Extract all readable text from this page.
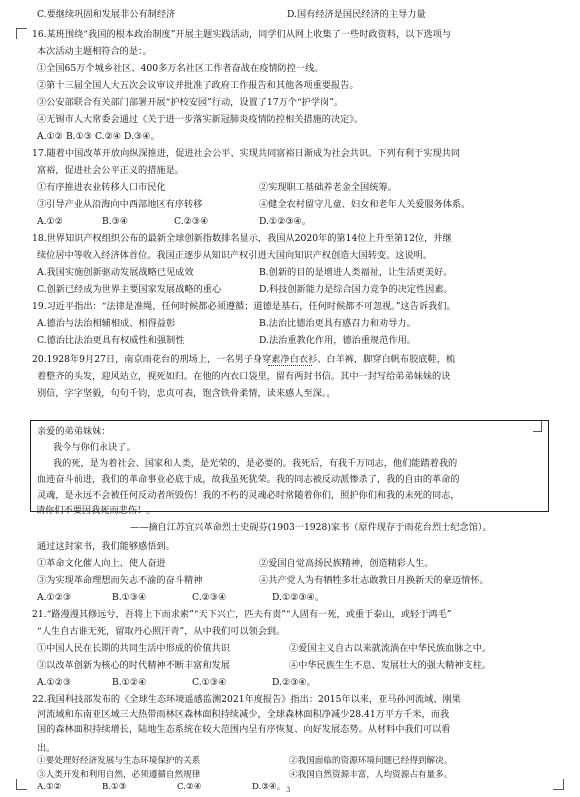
C.要继续巩固和发展非公有制经济	D.国有经济是国民经济的主导力量
16.某班围绕“我国的根本政治制度”开展主题实践活动，同学们从网上收集了一些时政资料，以下选项与
本次活动主题相符合的是：。
①全国65万个城乡社区、400多万名社区工作者奋战在疫情防控一线。
②第十三届全国人大五次会议审议并批准了政府工作报告和其他各项重要报告。
③公安部联合有关部门部署开展“护校安园”行动，设置了17万个“护学岗”。
④无锡市人大常委会通过《关于进一步落实新冠肺炎疫情防控相关措施的决定》。
A.①② B.①③ C.②④ D.③④。
17.随着中国改革开放向纵深推进，促进社会公平、实现共同富裕日渐成为社会共识。下列有利于实现共同
富裕，促进社会公平正义的措施是。
①有序推进农业转移人口市民化	②实现职工基础养老金全国统筹。
③引导产业从沿海向中西部地区有序转移	④健全农村留守儿童、妇女和老年人关爱服务体系。
A.①②	B.③④	C.②③④	D.①②③④。
18.世界知识产权组织公布的最新全球创新指数排名显示，我国从2020年的第14位上升至第12位，并继
续位居中等收入经济体首位。我国正逐步从知识产权引进大国向知识产权创造大国转变。这说明。
A.我国实施创新驱动发展战略已见成效	B.创新的目的是增进人类福祉，让生活更美好。
C.创新已经成为世界主要国家发展战略的重心	D.科技创新能力是综合国力竞争的决定性因素。
19.习近平指出：“法律是准绳，任何时候都必须遵循；道德是基石，任何时候都不可忽视。”这告诉我们。
A.德治与法治相辅相成、相得益彰	B.法治比德治更具有感召力和劝导力。
C.德治比法治更具有权威性和强制性	D.法治重教化作用，德治重规范作用。
20.1928年9月27日，南京雨花台的刑场上，一名男子身穿素净白衣衫、白羊裤，脚穿白帆布胶底鞋，梳
着整齐的头发，迎风站立，视死如归。在他的内衣口袋里，留有两封书信。其中一封写给弟弟妹妹的诀
别信，字字坚毅，句句千钧，忠贞可表，饱含铁骨柔情，读来感人至深。。
亲爱的弟弟妹妹：
我今与你们永诀了。
我的死，是为着社会、国家和人类，是光荣的，是必要的。我死后，有我千万同志，他们能踏着我的
血迹奋斗前进，我们的革命事业必底于成，故我虽死犹荣。我的同志被反动派惨杀了，我的自由的革命的
灵魂，是永远不会被任何反动者所毁伤！我的不朽的灵魂必时常随着你们，照护你们和我的未死的同志，
请你们不要因我死而悲伤！。
——摘自江苏宜兴革命烈士史砚芬(1903一1928)家书（原件现存于雨花台烈士纪念馆）。
通过这封家书，我们能够感悟到。
①革命文化催人向上、使人奋进	②爱国自觉高扬民族精神，创造精彩人生。
③为实现革命理想而矢志不渝的奋斗精神	④共产党人为有牺牲多壮志敢教日月换新天的豪迈情怀。
A.①②③	B.①③④	C.②③④	D.①②③④。
21.“路漫漫其修远兮，吾将上下而求索”“天下兴亡，匹夫有责”“人固有一死，或重于泰山，或轻于鸿毛”
“人生自古谁无死，留取丹心照汗青”，从中我们可以领会到。
①中国人民在长期的共同生活中形成的价值共识	②爱国主义自古以来就流淌在中华民族血脉之中。
③以改革创新为核心的时代精神不断丰富和发展	④中华民族生生不息、发展壮大的强大精神支柱。
A.①②③	B.①②④	C.①③④	D.②③④。
22.我国科技部发布的《全球生态环境遥感监测2021年度报告》指出：2015年以来，亚马孙河流域、刚果
河流域和东南亚区域三大热带雨林区森林面积持续减少，全球森林面积净减少28.41万平方千米，而我
国的森林面积持续增长，陆地生态系统在较大范围内呈有序恢复、向好发展态势。从材料中我们可以看
出。
①要处理好经济发展与生态环境保护的关系	②我国面临的资源环境问题已经得到解决。
③人类开发和利用自然，必须遵循自然规律	④我国自然资源丰富，人均资源占有量多。
A.①②	B.①③	C.②④	D.③④。 3
